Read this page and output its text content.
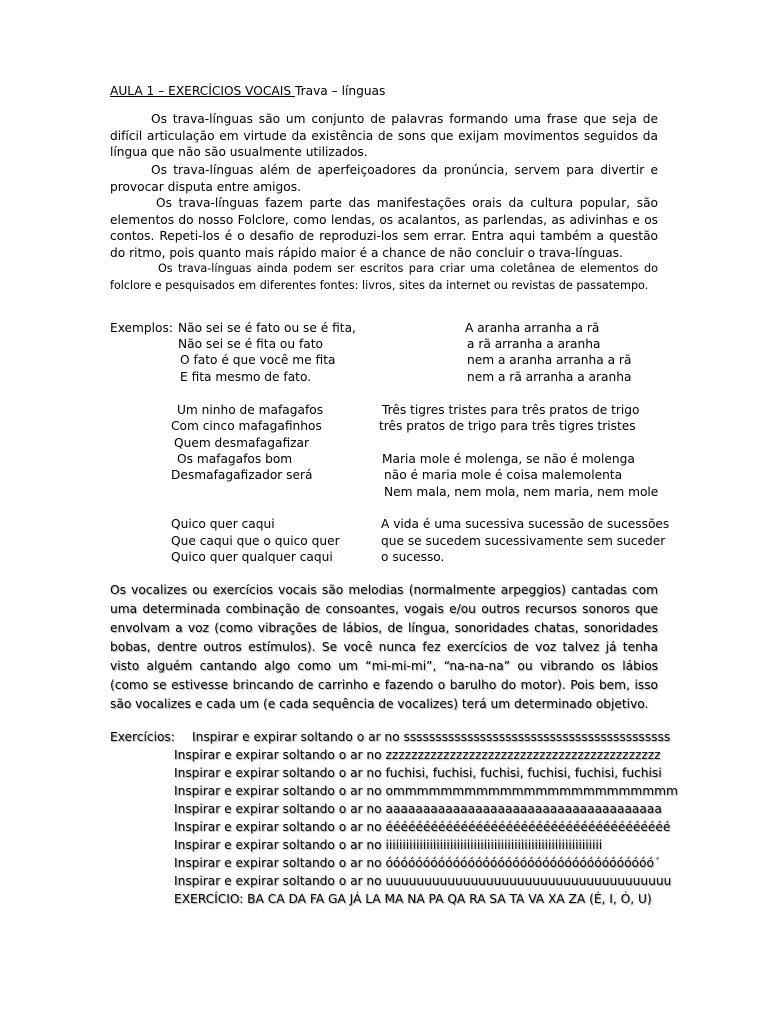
AULA 1 – EXERCÍCIOS VOCAIS Trava – línguas

Os trava-línguas são um conjunto de palavras formando uma frase que seja de difícil articulação em virtude da existência de sons que exijam movimentos seguidos da língua que não são usualmente utilizados.

Os trava-línguas além de aperfeiçoadores da pronúncia, servem para divertir e provocar disputa entre amigos.

Os trava-línguas fazem parte das manifestações orais da cultura popular, são elementos do nosso Folclore, como lendas, os acalantos, as parlendas, as adivinhas e os contos. Repeti-los é o desafio de reproduzi-los sem errar. Entra aqui também a questão do ritmo, pois quanto mais rápido maior é a chance de não concluir o trava-línguas.

Os trava-línguas ainda podem ser escritos para criar uma coletânea de elementos do folclore e pesquisados em diferentes fontes: livros, sites da internet ou revistas de passatempo.

Exemplos: Não sei se é fato ou se é fita,
Não sei se é fita ou fato
O fato é que você me fita
E fita mesmo de fato.
A aranha arranha a rã
a rã arranha a aranha
nem a aranha arranha a rã
nem a rã arranha a aranha
Um ninho de mafagafos
Com cinco mafagafinhos
Quem desmafagafizar
Os mafagafos bom
Desmafagafizador será
Três tigres tristes para três pratos de trigo
três pratos de trigo para três tigres tristes
Maria mole é molenga, se não é molenga
não é maria mole é coisa malemolenta
Nem mala, nem mola, nem maria, nem mole
Quico quer caqui
Que caqui que o quico quer
Quico quer qualquer caqui
A vida é uma sucessiva sucessão de sucessões
que se sucedem sucessivamente sem suceder
o sucesso.

Os vocalizes ou exercícios vocais são melodias (normalmente arpeggios) cantadas com uma determinada combinação de consoantes, vogais e/ou outros recursos sonoros que envolvam a voz (como vibrações de lábios, de língua, sonoridades chatas, sonoridades bobas, dentre outros estímulos). Se você nunca fez exercícios de voz talvez já tenha visto alguém cantando algo como um “mi-mi-mi”, “na-na-na” ou vibrando os lábios (como se estivesse brincando de carrinho e fazendo o barulho do motor). Pois bem, isso são vocalizes e cada um (e cada sequência de vocalizes) terá um determinado objetivo.

Exercícios: Inspirar e expirar soltando o ar no ssssssssssssssssssssssssssssssssssssssssss
Inspirar e expirar soltando o ar no zzzzzzzzzzzzzzzzzzzzzzzzzzzzzzzzzzzzzzzzzzz
Inspirar e expirar soltando o ar no fuchisi, fuchisi, fuchisi, fuchisi, fuchisi, fuchisi
Inspirar e expirar soltando o ar no ommmmmmmmmmmmmmmmmmmmmmmm
Inspirar e expirar soltando o ar no aaaaaaaaaaaaaaaaaaaaaaaaaaaaaaaaaaaaa
Inspirar e expirar soltando o ar no éééééééééééééééééééééééééééééééééééééé
Inspirar e expirar soltando o ar no iiiiiiiiiiiiiiiiiiiiiiiiiiiiiiiiiiiiiiiiiiiiiiiiiiiiiiiiiiiiiiii
Inspirar e expirar soltando o ar no óóóóóóóóóóóóóóóóóóóóóóóóóóóóóóóóóóóó´
Inspirar e expirar soltando o ar no uuuuuuuuuuuuuuuuuuuuuuuuuuuuuuuuuuuuu
EXERCÍCIO: BA CA DA FA GA JÁ LA MA NA PA QA RA SA TA VA XA ZA (É, I, Ó, U)
